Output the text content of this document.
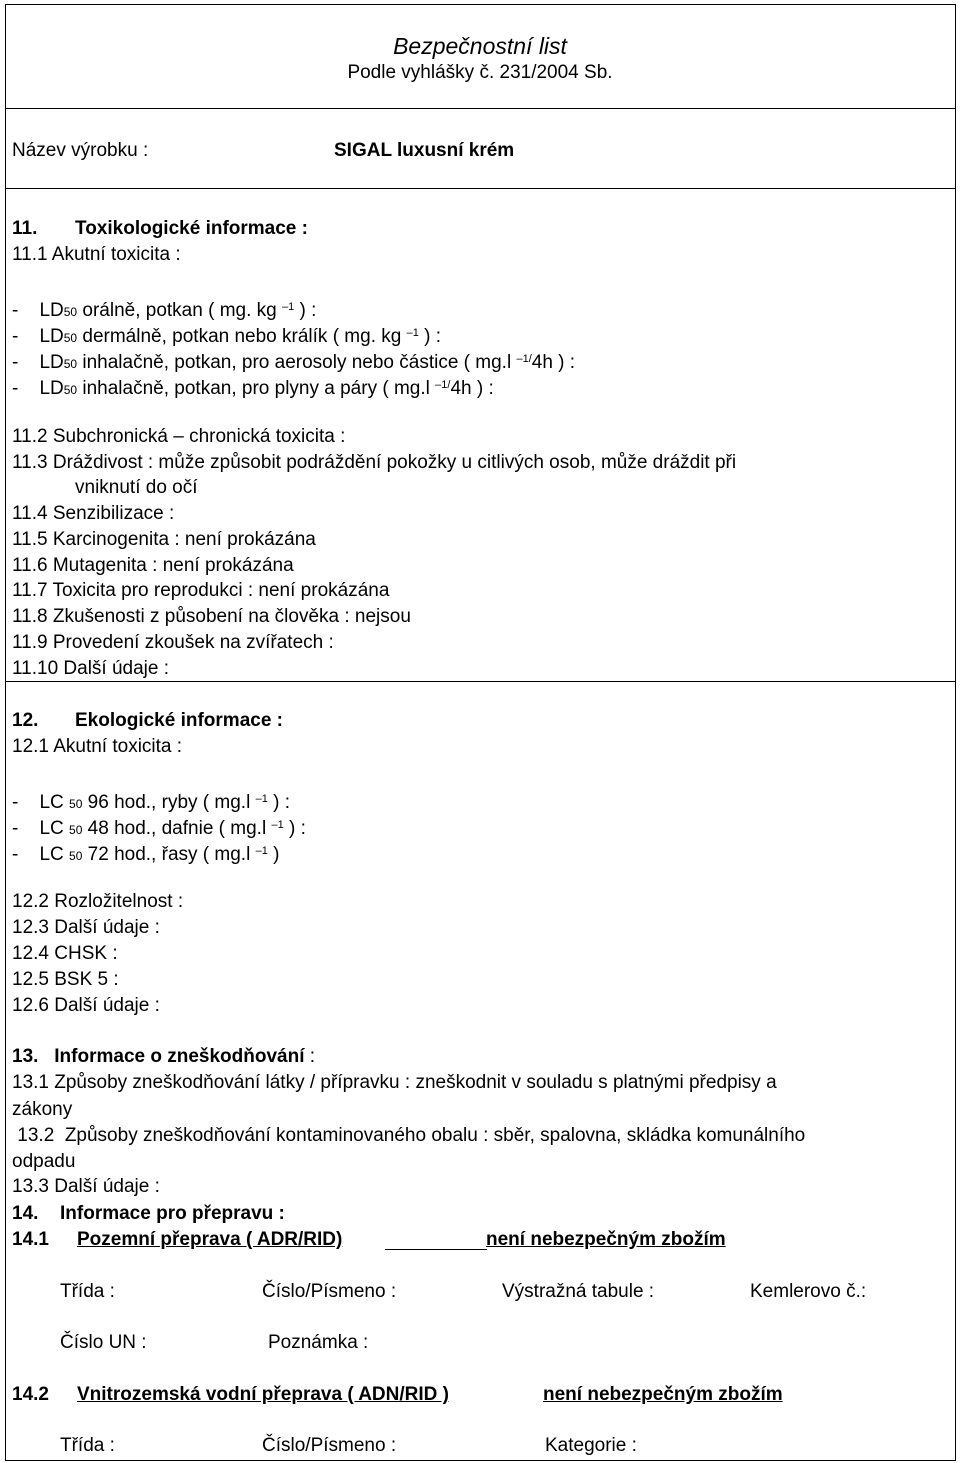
Bezpečnostní list
Podle vyhlášky č. 231/2004 Sb.
Název výrobku :	SIGAL luxusní krém
11. Toxikologické informace :
11.1 Akutní toxicita :
- LD50 orálně, potkan ( mg. kg $^{-1}$ ) :
- LD50 dermálně, potkan nebo králík ( mg. kg $^{-1}$ ) :
- LD50 inhalačně, potkan, pro aerosoly nebo částice ( mg.l $^{-1/}$4h ) :
- LD50 inhalačně, potkan, pro plyny a páry ( mg.l $^{-1/}$4h ) :
11.2 Subchronická – chronická toxicita :
11.3 Dráždivost : může způsobit podráždění pokožky u citlivých osob, může dráždit při
vniknutí do očí
11.4 Senzibilizace :
11.5 Karcinogenita : není prokázána
11.6 Mutagenita : není prokázána
11.7 Toxicita pro reprodukci : není prokázána
11.8 Zkušenosti z působení na člověka : nejsou
11.9 Provedení zkoušek na zvířatech :
11.10 Další údaje :
12. Ekologické informace :
12.1 Akutní toxicita :
- LC 50 96 hod., ryby ( mg.l $^{-1}$ ) :
- LC 50 48 hod., dafnie ( mg.l $^{-1}$ ) :
- LC 50 72 hod., řasy ( mg.l $^{-1}$ )
12.2 Rozložitelnost :
12.3 Další údaje :
12.4 CHSK :
12.5 BSK 5 :
12.6 Další údaje :
13. Informace o zneškodňování :
13.1 Způsoby zneškodňování látky / přípravku : zneškodnit v souladu s platnými předpisy a
zákony
13.2  Způsoby zneškodňování kontaminovaného obalu : sběr, spalovna, skládka komunálního
odpadu
13.3 Další údaje :
14. Informace pro přepravu :
14.1 Pozemní přeprava ( ADR/RID)	není nebezpečným zbožím
Třída :	Číslo/Písmeno :	Výstražná tabule :	Kemlerovo č.:
Číslo UN :	Poznámka :
14.2 Vnitrozemská vodní přeprava ( ADN/RID )	není nebezpečným zbožím
Třída :	Číslo/Písmeno :	Kategorie :
